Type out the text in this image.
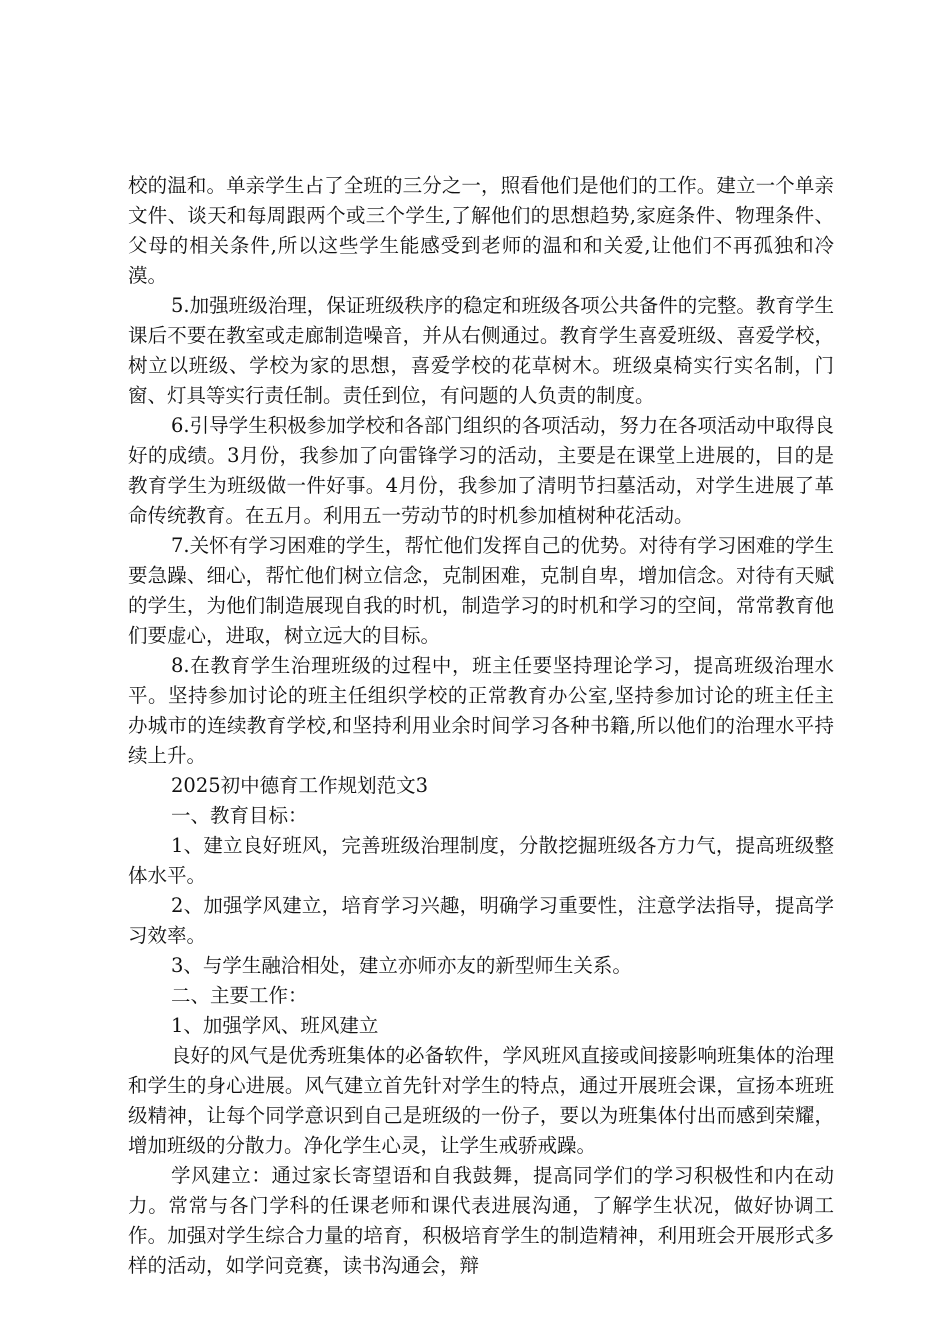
校的温和。单亲学生占了全班的三分之一，照看他们是他们的工作。建立一个单亲文件、谈天和每周跟两个或三个学生,了解他们的思想趋势,家庭条件、物理条件、父母的相关条件,所以这些学生能感受到老师的温和和关爱,让他们不再孤独和冷漠。

5.加强班级治理，保证班级秩序的稳定和班级各项公共备件的完整。教育学生课后不要在教室或走廊制造噪音，并从右侧通过。教育学生喜爱班级、喜爱学校，树立以班级、学校为家的思想，喜爱学校的花草树木。班级桌椅实行实名制，门窗、灯具等实行责任制。责任到位，有问题的人负责的制度。

6.引导学生积极参加学校和各部门组织的各项活动，努力在各项活动中取得良好的成绩。3月份，我参加了向雷锋学习的活动，主要是在课堂上进展的，目的是教育学生为班级做一件好事。4月份，我参加了清明节扫墓活动，对学生进展了革命传统教育。在五月。利用五一劳动节的时机参加植树种花活动。

7.关怀有学习困难的学生，帮忙他们发挥自己的优势。对待有学习困难的学生要急躁、细心，帮忙他们树立信念，克制困难，克制自卑，增加信念。对待有天赋的学生，为他们制造展现自我的时机，制造学习的时机和学习的空间，常常教育他们要虚心，进取，树立远大的目标。

8.在教育学生治理班级的过程中，班主任要坚持理论学习，提高班级治理水平。坚持参加讨论的班主任组织学校的正常教育办公室,坚持参加讨论的班主任主办城市的连续教育学校,和坚持利用业余时间学习各种书籍,所以他们的治理水平持续上升。

2025初中德育工作规划范文3

一、教育目标：

1、建立良好班风，完善班级治理制度，分散挖掘班级各方力气，提高班级整体水平。

2、加强学风建立，培育学习兴趣，明确学习重要性，注意学法指导，提高学习效率。

3、与学生融洽相处，建立亦师亦友的新型师生关系。

二、主要工作：

1、加强学风、班风建立

良好的风气是优秀班集体的必备软件，学风班风直接或间接影响班集体的治理和学生的身心进展。风气建立首先针对学生的特点，通过开展班会课，宣扬本班班级精神，让每个同学意识到自己是班级的一份子，要以为班集体付出而感到荣耀，增加班级的分散力。净化学生心灵，让学生戒骄戒躁。

学风建立：通过家长寄望语和自我鼓舞，提高同学们的学习积极性和内在动力。常常与各门学科的任课老师和课代表进展沟通，了解学生状况，做好协调工作。加强对学生综合力量的培育，积极培育学生的制造精神，利用班会开展形式多样的活动，如学问竞赛，读书沟通会，辩
